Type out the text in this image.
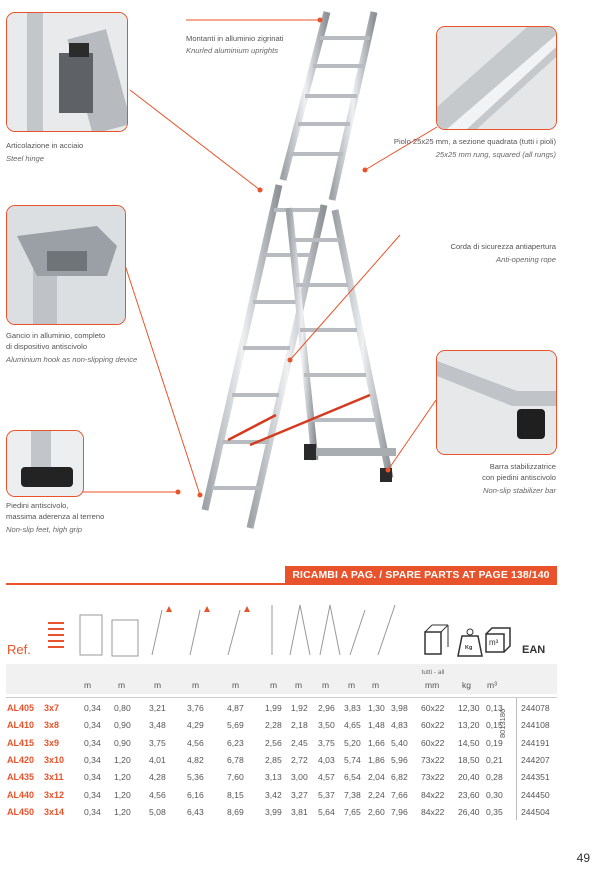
Montanti in alluminio zigrinati
Knurled aluminium uprights
Articolazione in acciaio
Steel hinge
Piolo 25x25 mm, a sezione quadrata (tutti i pioli)
25x25 mm rung, squared (all rungs)
Corda di sicurezza antiapertura
Anti-opening rope
Gancio in alluminio, completo
di dispositivo antiscivolo
Aluminium hook as non-slipping device
Barra stabilizzatrice
con piedini antiscivolo
Non-slip stabilizer bar
Piedini antiscivolo,
massima aderenza al terreno
Non-slip feet, high grip
RICAMBI A PAG. / SPARE PARTS AT PAGE 138/140
Kg
m³
Ref.	EAN
tutti - all
m	m	m	m	m	m m m m m	mm	kg m³
AL405 3x7	0,34 0,80 3,21 3,76	4,87 1,99 1,92 2,96 3,83 1,30 3,98 60x22 12,30 0,13 244078
AL410 3x8	0,34 0,90 3,48 4,29	5,69 2,28 2,18 3,50 4,65 1,48 4,83 60x22 13,20 0,15 244108
AL415 3x9	0,34 0,90 3,75 4,56	6,23 2,56 2,45 3,75 5,20 1,66 5,40 60x22 14,50 0,19 244191
AL420 3x10 0,34 1,20 4,01 4,82	6,78 2,85 2,72 4,03 5,74 1,86 5,96 73x22 18,50 0,21 244207
AL435 3x11 0,34 1,20 4,28 5,36	7,60 3,13 3,00 4,57 6,54 2,04 6,82 73x22 20,40 0,28 244351
AL440 3x12 0,34 1,20 4,56 6,16	8,15 3,42 3,27 5,37 7,38 2,24 7,66 84x22 23,60 0,30 244450
AL450 3x14 0,34 1,20 5,08 6,43	8,69 3,99 3,81 5,64 7,65 2,60 7,96 84x22 26,40 0,35 244504
8013186
49
